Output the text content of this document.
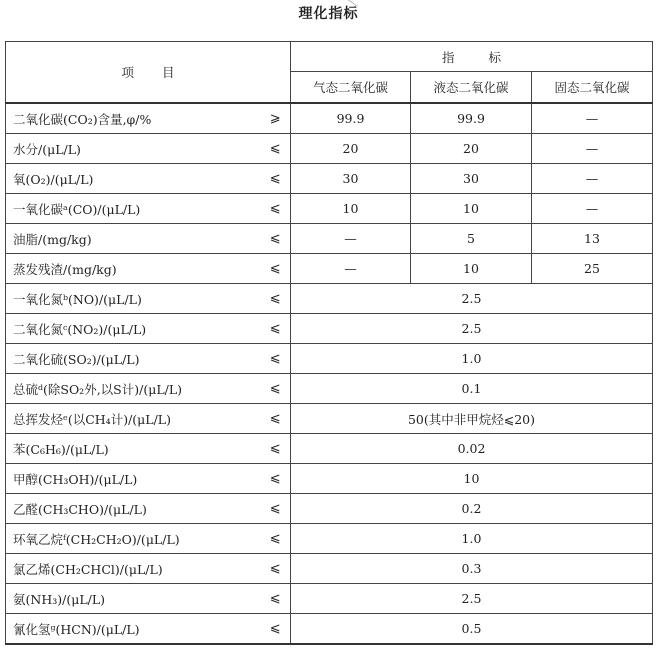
理化指标
项目		指标		
		气态二氧化碳	液态二氧化碳	固态二氧化碳
二氧化碳(CO₂)含量,φ/%	⩾	99.9	99.9	—
水分/(μL/L)	⩽	20	20	—
氧(O₂)/(μL/L)	⩽	30	30	—
一氧化碳ᵃ(CO)/(μL/L)	⩽	10	10	—
油脂/(mg/kg)	⩽	—	5	13
蒸发残渣/(mg/kg)	⩽	—	10	25
一氧化氮ᵇ(NO)/(μL/L)	⩽	2.5		
二氧化氮ᶜ(NO₂)/(μL/L)	⩽	2.5		
二氧化硫(SO₂)/(μL/L)	⩽	1.0		
总硫ᵈ(除SO₂外,以S计)/(μL/L)	⩽	0.1		
总挥发烃ᵉ(以CH₄计)/(μL/L)	⩽	50(其中非甲烷烃⩽20)		
苯(C₆H₆)/(μL/L)	⩽	0.02		
甲醇(CH₃OH)/(μL/L)	⩽	10		
乙醛(CH₃CHO)/(μL/L)	⩽	0.2		
环氧乙烷ᶠ(CH₂CH₂O)/(μL/L)	⩽	1.0		
氯乙烯(CH₂CHCl)/(μL/L)	⩽	0.3		
氨(NH₃)/(μL/L)	⩽	2.5		
氰化氢ᵍ(HCN)/(μL/L)	⩽	0.5		
